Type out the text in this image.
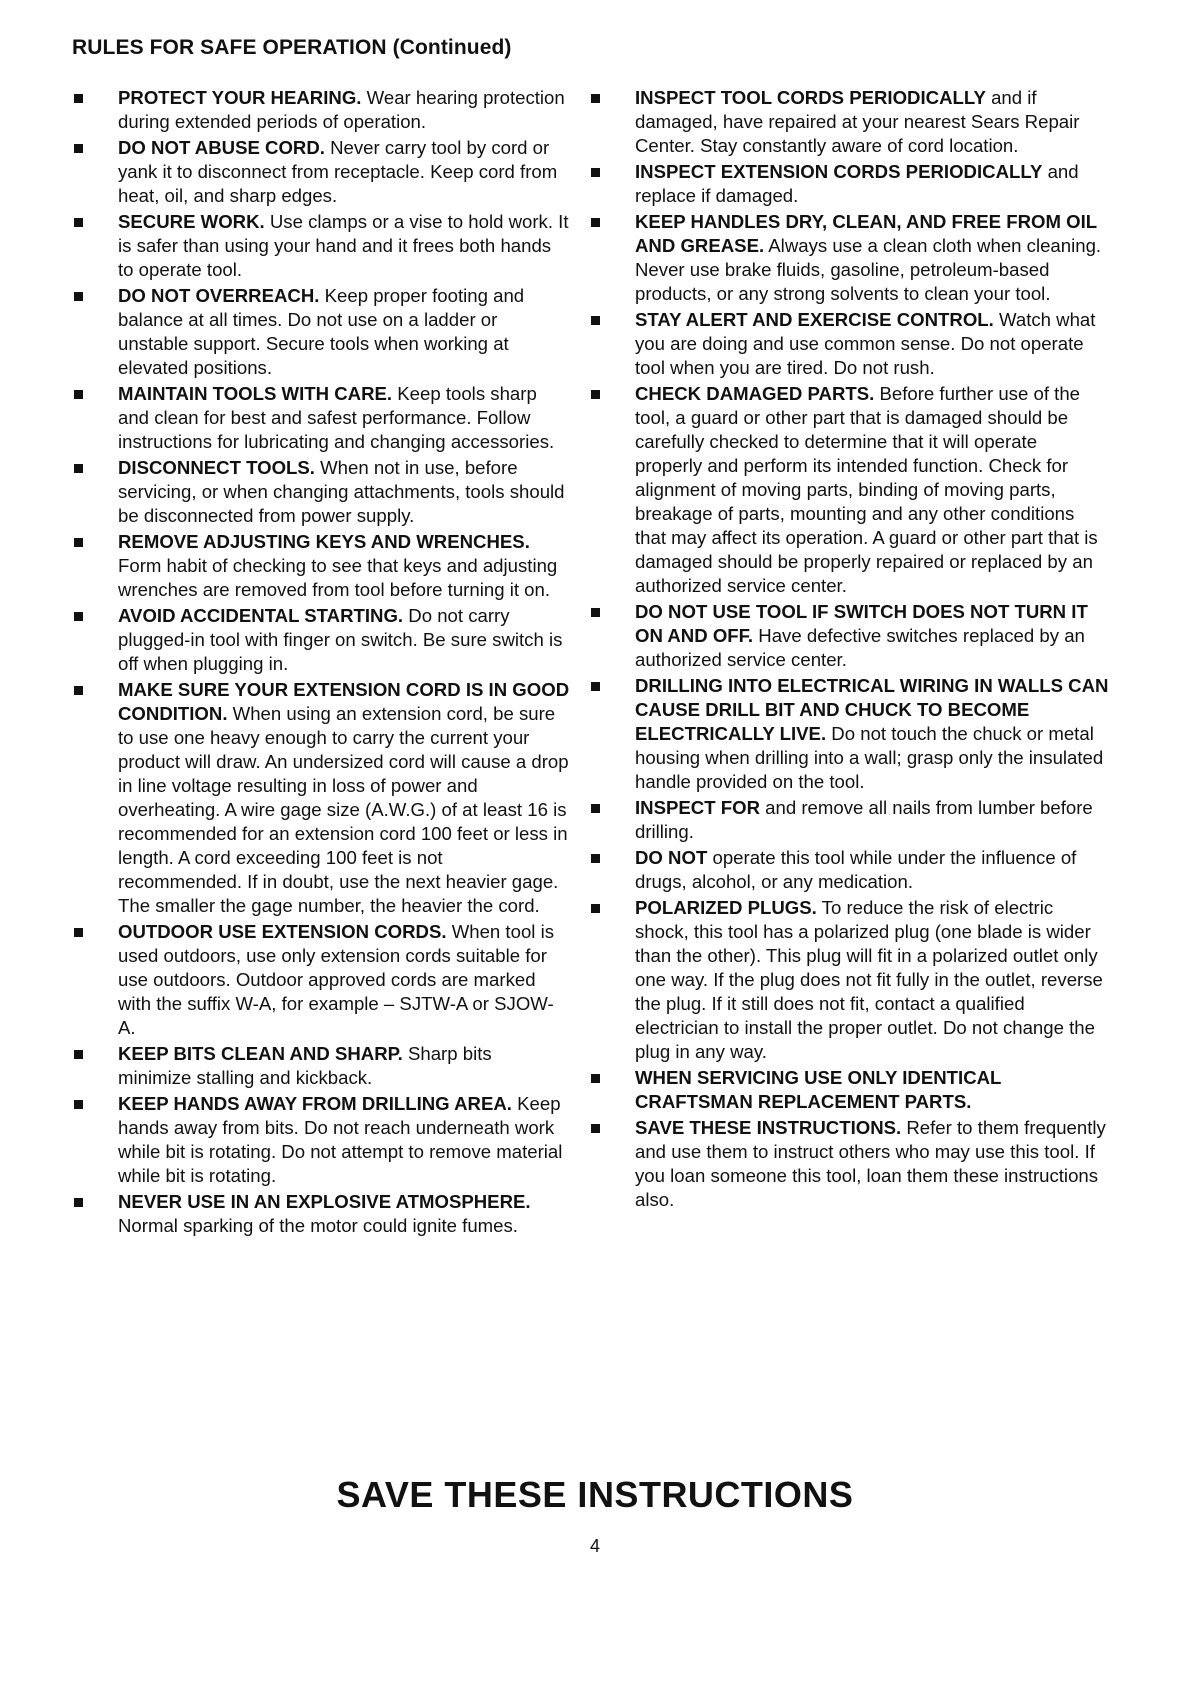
RULES FOR SAFE OPERATION (Continued)
PROTECT YOUR HEARING. Wear hearing protection during extended periods of operation.
DO NOT ABUSE CORD. Never carry tool by cord or yank it to disconnect from receptacle. Keep cord from heat, oil, and sharp edges.
SECURE WORK. Use clamps or a vise to hold work. It is safer than using your hand and it frees both hands to operate tool.
DO NOT OVERREACH. Keep proper footing and balance at all times. Do not use on a ladder or unstable support. Secure tools when working at elevated positions.
MAINTAIN TOOLS WITH CARE. Keep tools sharp and clean for best and safest performance. Follow instructions for lubricating and changing accessories.
DISCONNECT TOOLS. When not in use, before servicing, or when changing attachments, tools should be disconnected from power supply.
REMOVE ADJUSTING KEYS AND WRENCHES. Form habit of checking to see that keys and adjusting wrenches are removed from tool before turning it on.
AVOID ACCIDENTAL STARTING. Do not carry plugged-in tool with finger on switch. Be sure switch is off when plugging in.
MAKE SURE YOUR EXTENSION CORD IS IN GOOD CONDITION. When using an extension cord, be sure to use one heavy enough to carry the current your product will draw. An undersized cord will cause a drop in line voltage resulting in loss of power and overheating. A wire gage size (A.W.G.) of at least 16 is recommended for an extension cord 100 feet or less in length. A cord exceeding 100 feet is not recommended. If in doubt, use the next heavier gage. The smaller the gage number, the heavier the cord.
OUTDOOR USE EXTENSION CORDS. When tool is used outdoors, use only extension cords suitable for use outdoors. Outdoor approved cords are marked with the suffix W-A, for example – SJTW-A or SJOW-A.
KEEP BITS CLEAN AND SHARP. Sharp bits minimize stalling and kickback.
KEEP HANDS AWAY FROM DRILLING AREA. Keep hands away from bits. Do not reach underneath work while bit is rotating. Do not attempt to remove material while bit is rotating.
NEVER USE IN AN EXPLOSIVE ATMOSPHERE. Normal sparking of the motor could ignite fumes.
INSPECT TOOL CORDS PERIODICALLY and if damaged, have repaired at your nearest Sears Repair Center. Stay constantly aware of cord location.
INSPECT EXTENSION CORDS PERIODICALLY and replace if damaged.
KEEP HANDLES DRY, CLEAN, AND FREE FROM OIL AND GREASE. Always use a clean cloth when cleaning. Never use brake fluids, gasoline, petroleum-based products, or any strong solvents to clean your tool.
STAY ALERT AND EXERCISE CONTROL. Watch what you are doing and use common sense. Do not operate tool when you are tired. Do not rush.
CHECK DAMAGED PARTS. Before further use of the tool, a guard or other part that is damaged should be carefully checked to determine that it will operate properly and perform its intended function. Check for alignment of moving parts, binding of moving parts, breakage of parts, mounting and any other conditions that may affect its operation. A guard or other part that is damaged should be properly repaired or replaced by an authorized service center.
DO NOT USE TOOL IF SWITCH DOES NOT TURN IT ON AND OFF. Have defective switches replaced by an authorized service center.
DRILLING INTO ELECTRICAL WIRING IN WALLS CAN CAUSE DRILL BIT AND CHUCK TO BECOME ELECTRICALLY LIVE. Do not touch the chuck or metal housing when drilling into a wall; grasp only the insulated handle provided on the tool.
INSPECT FOR and remove all nails from lumber before drilling.
DO NOT operate this tool while under the influence of drugs, alcohol, or any medication.
POLARIZED PLUGS. To reduce the risk of electric shock, this tool has a polarized plug (one blade is wider than the other). This plug will fit in a polarized outlet only one way. If the plug does not fit fully in the outlet, reverse the plug. If it still does not fit, contact a qualified electrician to install the proper outlet. Do not change the plug in any way.
WHEN SERVICING USE ONLY IDENTICAL CRAFTSMAN REPLACEMENT PARTS.
SAVE THESE INSTRUCTIONS. Refer to them frequently and use them to instruct others who may use this tool. If you loan someone this tool, loan them these instructions also.
SAVE THESE INSTRUCTIONS
4
